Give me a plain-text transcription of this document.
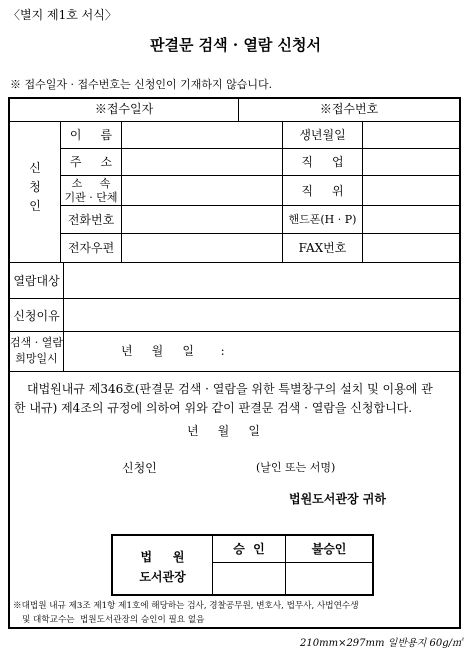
〈별지 제1호 서식〉
판결문 검색 · 열람 신청서
※ 접수일자 · 접수번호는 신청인이 기재하지 않습니다.
※접수일자	※접수번호
신
청
인
이     름	생년월일
주     소	직     업
소     속
기관 · 단체	직     위
전화번호	핸드폰(H · P)
전자우편	FAX번호
열람대상
신청이유
검색 · 열람
희망일시
년     월     일       :
대법원내규 제346호(판결문 검색 · 열람을 위한 특별창구의 설치 및 이용에 관
한 내규) 제4조의 규정에 의하여 위와 같이 판결문 검색 · 열람을 신청합니다.
년     월     일
신청인	(날인 또는 서명)
법원도서관장 귀하
법     원
도서관장
승  인	불승인
※대법원 내규 제3조 제1항 제1호에 해당하는 검사, 경찰공무원, 변호사, 법무사, 사법연수생
및 대학교수는  법원도서관장의 승인이 필요 없음
210mm×297mm 일반용지 60g/㎡
